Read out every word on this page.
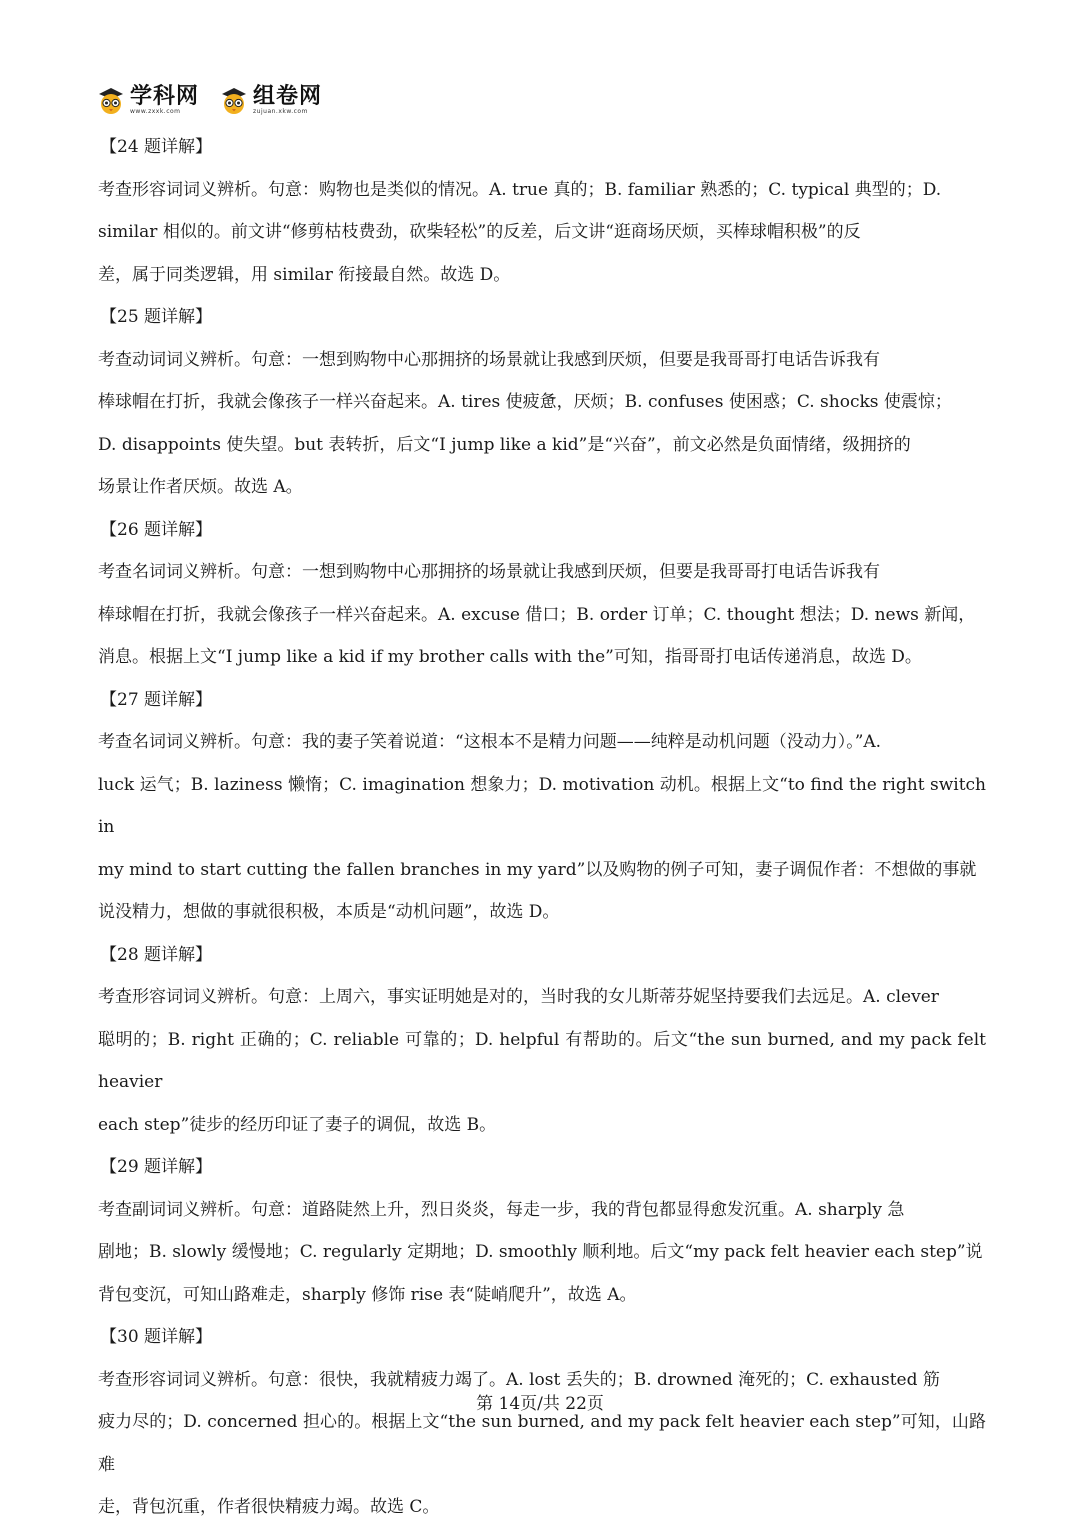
学科网
www.zxxk.com
组卷网
zujuan.xkw.com

【24 题详解】

考查形容词词义辨析。句意：购物也是类似的情况。A. true 真的；B. familiar 熟悉的；C. typical 典型的；D.

similar 相似的。前文讲“修剪枯枝费劲，砍柴轻松”的反差，后文讲“逛商场厌烦，买棒球帽积极”的反

差，属于同类逻辑，用 similar 衔接最自然。故选 D。

【25 题详解】

考查动词词义辨析。句意：一想到购物中心那拥挤的场景就让我感到厌烦，但要是我哥哥打电话告诉我有

棒球帽在打折，我就会像孩子一样兴奋起来。A. tires 使疲惫，厌烦；B. confuses 使困惑；C. shocks 使震惊；

D. disappoints 使失望。but 表转折，后文“I jump like a kid”是“兴奋”，前文必然是负面情绪，级拥挤的

场景让作者厌烦。故选 A。

【26 题详解】

考查名词词义辨析。句意：一想到购物中心那拥挤的场景就让我感到厌烦，但要是我哥哥打电话告诉我有

棒球帽在打折，我就会像孩子一样兴奋起来。A. excuse 借口；B. order 订单；C. thought 想法；D. news 新闻，

消息。根据上文“I jump like a kid if my brother calls with the”可知，指哥哥打电话传递消息，故选 D。

【27 题详解】

考查名词词义辨析。句意：我的妻子笑着说道：“这根本不是精力问题——纯粹是动机问题（没动力）。”A.

luck 运气；B. laziness 懒惰；C. imagination 想象力；D. motivation 动机。根据上文“to find the right switch in

my mind to start cutting the fallen branches in my yard”以及购物的例子可知，妻子调侃作者：不想做的事就

说没精力，想做的事就很积极，本质是“动机问题”，故选 D。

【28 题详解】

考查形容词词义辨析。句意：上周六，事实证明她是对的，当时我的女儿斯蒂芬妮坚持要我们去远足。A. clever

聪明的；B. right 正确的；C. reliable 可靠的；D. helpful 有帮助的。后文“the sun burned, and my pack felt heavier

each step”徒步的经历印证了妻子的调侃，故选 B。

【29 题详解】

考查副词词义辨析。句意：道路陡然上升，烈日炎炎，每走一步，我的背包都显得愈发沉重。A. sharply 急

剧地；B. slowly 缓慢地；C. regularly 定期地；D. smoothly 顺利地。后文“my pack felt heavier each step”说

背包变沉，可知山路难走，sharply 修饰 rise 表“陡峭爬升”，故选 A。

【30 题详解】

考查形容词词义辨析。句意：很快，我就精疲力竭了。A. lost 丢失的；B. drowned 淹死的；C. exhausted 筋

疲力尽的；D. concerned 担心的。根据上文“the sun burned, and my pack felt heavier each step”可知，山路难

走，背包沉重，作者很快精疲力竭。故选 C。

第 14页/共 22页
